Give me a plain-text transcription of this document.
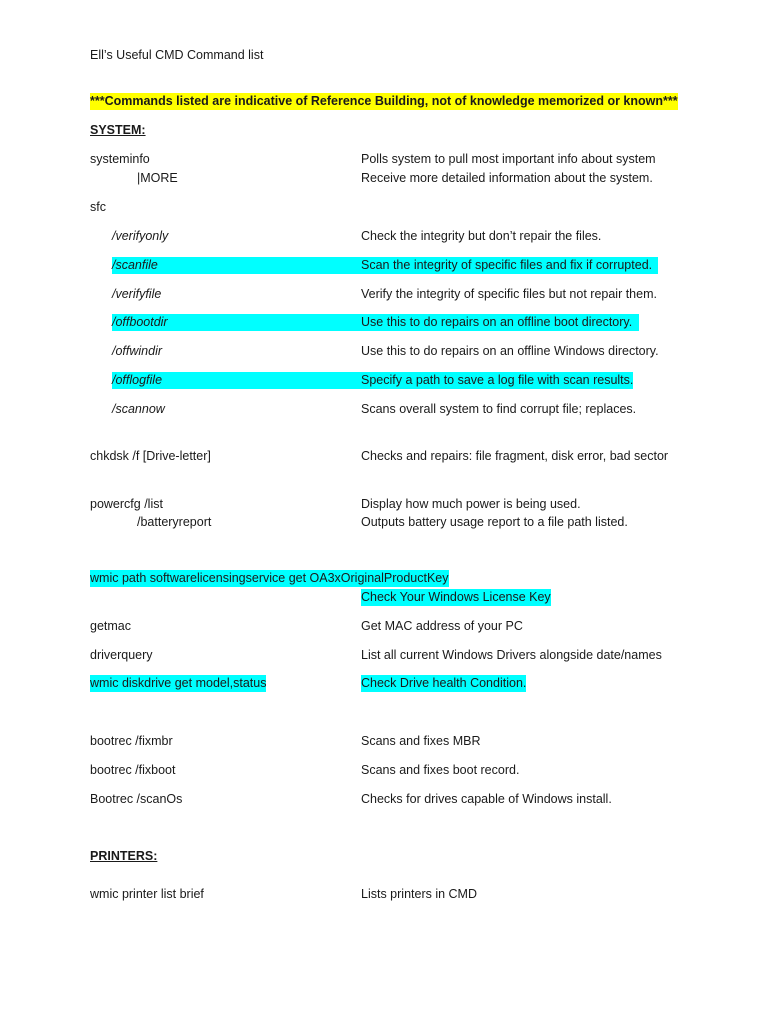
Ell’s Useful CMD Command list
***Commands listed are indicative of Reference Building, not of knowledge memorized or known***
SYSTEM:
systeminfo	Polls system to pull most important info about system
|MORE	Receive more detailed information about the system.
sfc
/verifyonly	Check the integrity but don’t repair the files.
/scanfile	Scan the integrity of specific files and fix if corrupted.
/verifyfile	Verify the integrity of specific files but not repair them.
/offbootdir	Use this to do repairs on an offline boot directory.
/offwindir	Use this to do repairs on an offline Windows directory.
/offlogfile	Specify a path to save a log file with scan results.
/scannow	Scans overall system to find corrupt file; replaces.
chkdsk /f [Drive-letter]	Checks and repairs: file fragment, disk error, bad sector
powercfg /list	Display how much power is being used.
/batteryreport	Outputs battery usage report to a file path listed.
wmic path softwarelicensingservice get OA3xOriginalProductKey
Check Your Windows License Key
getmac	Get MAC address of your PC
driverquery	List all current Windows Drivers alongside date/names
wmic diskdrive get model,status	Check Drive health Condition.
bootrec /fixmbr	Scans and fixes MBR
bootrec /fixboot	Scans and fixes boot record.
Bootrec /scanOs	Checks for drives capable of Windows install.
PRINTERS:
wmic printer list brief	Lists printers in CMD
